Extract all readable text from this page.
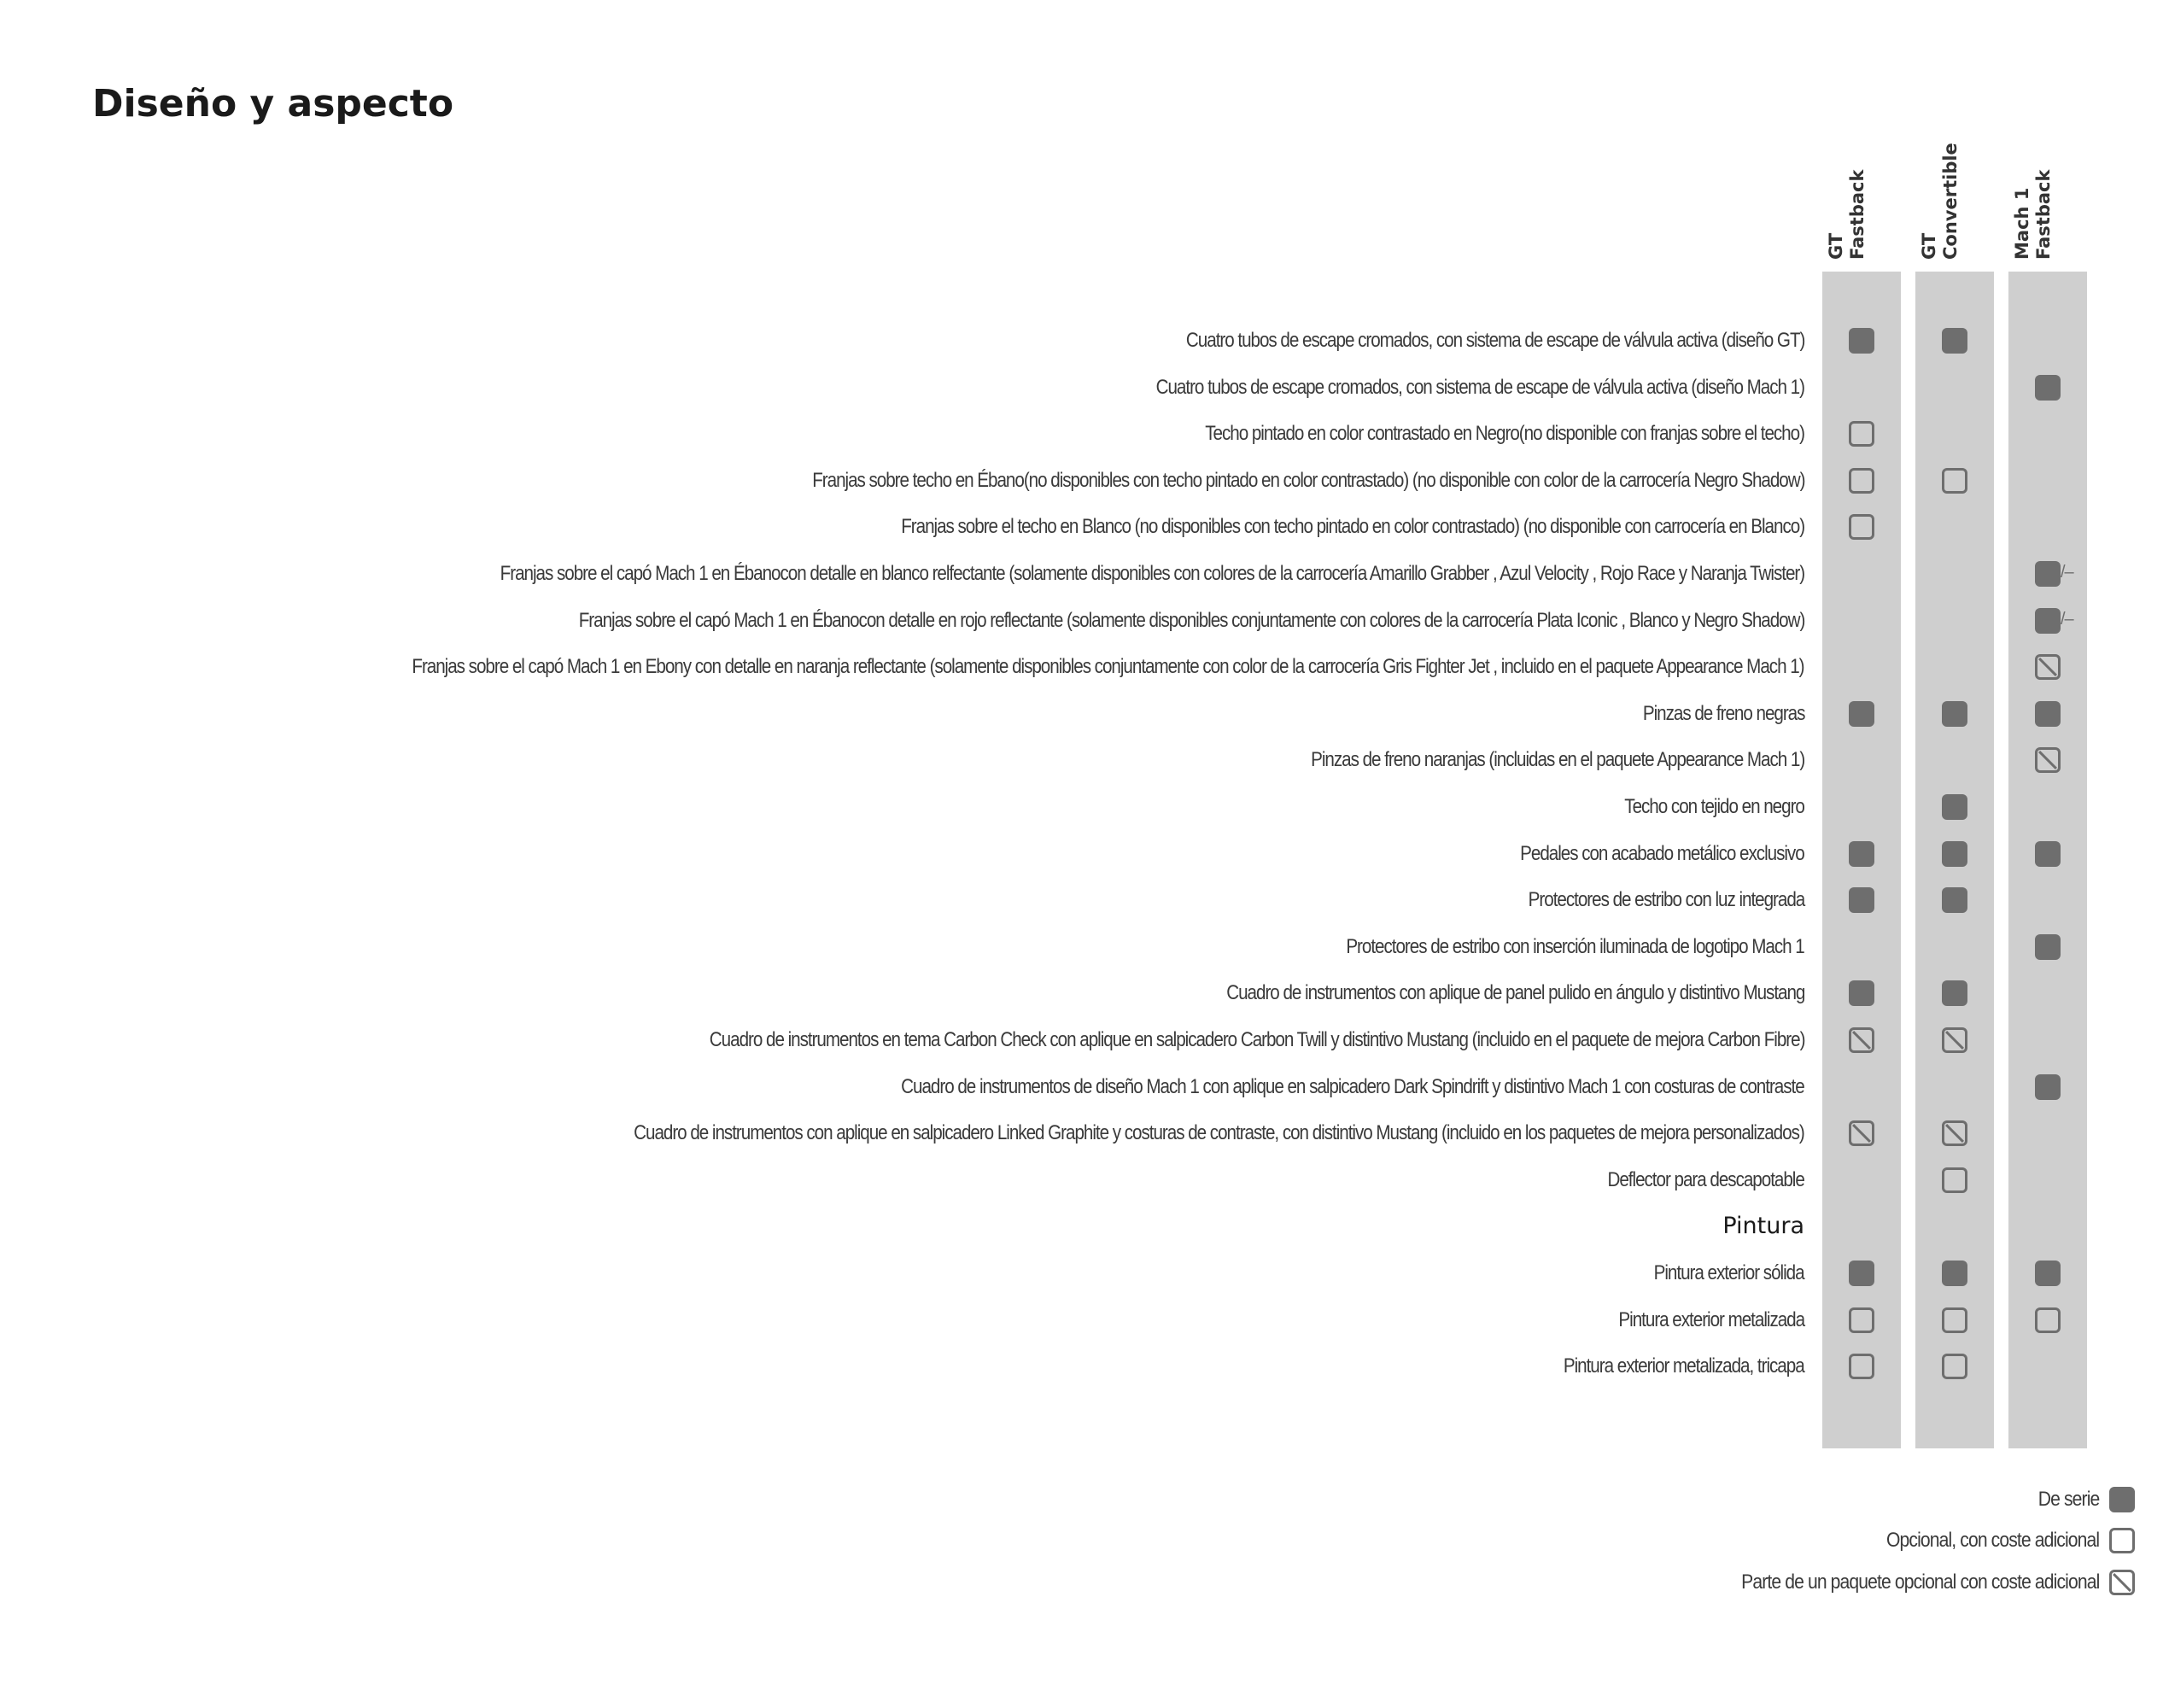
Diseño y aspecto
GT Fastback	GT Convertible	Mach 1 Fastback
Cuatro tubos de escape cromados, con sistema de escape de válvula activa (diseño GT)
Cuatro tubos de escape cromados, con sistema de escape de válvula activa (diseño Mach 1)
Techo pintado en color contrastado en Negro(no disponible con franjas sobre el techo)
Franjas sobre techo en Ébano(no disponibles con techo pintado en color contrastado) (no disponible con color de la carrocería Negro Shadow)
Franjas sobre el techo en Blanco (no disponibles con techo pintado en color contrastado) (no disponible con carrocería en Blanco)
Franjas sobre el capó Mach 1 en Ébanocon detalle en blanco relfectante (solamente disponibles con colores de la carrocería Amarillo Grabber , Azul Velocity , Rojo Race y Naranja Twister)
/–
Franjas sobre el capó Mach 1 en Ébanocon detalle en rojo reflectante (solamente disponibles conjuntamente con colores de la carrocería Plata Iconic , Blanco y Negro Shadow)
/–
Franjas sobre el capó Mach 1 en Ebony con detalle en naranja reflectante (solamente disponibles conjuntamente con color de la carrocería Gris Fighter Jet , incluido en el paquete Appearance Mach 1)
Pinzas de freno negras
Pinzas de freno naranjas (incluidas en el paquete Appearance Mach 1)
Techo con tejido en negro
Pedales con acabado metálico exclusivo
Protectores de estribo con luz integrada
Protectores de estribo con inserción iluminada de logotipo Mach 1
Cuadro de instrumentos con aplique de panel pulido en ángulo y distintivo Mustang
Cuadro de instrumentos en tema Carbon Check con aplique en salpicadero Carbon Twill y distintivo Mustang (incluido en el paquete de mejora Carbon Fibre)
Cuadro de instrumentos de diseño Mach 1 con aplique en salpicadero Dark Spindrift y distintivo Mach 1 con costuras de contraste
Cuadro de instrumentos con aplique en salpicadero Linked Graphite y costuras de contraste, con distintivo Mustang (incluido en los paquetes de mejora personalizados)
Deflector para descapotable
Pintura
Pintura exterior sólida
Pintura exterior metalizada
Pintura exterior metalizada, tricapa
De serie
Opcional, con coste adicional
Parte de un paquete opcional con coste adicional
